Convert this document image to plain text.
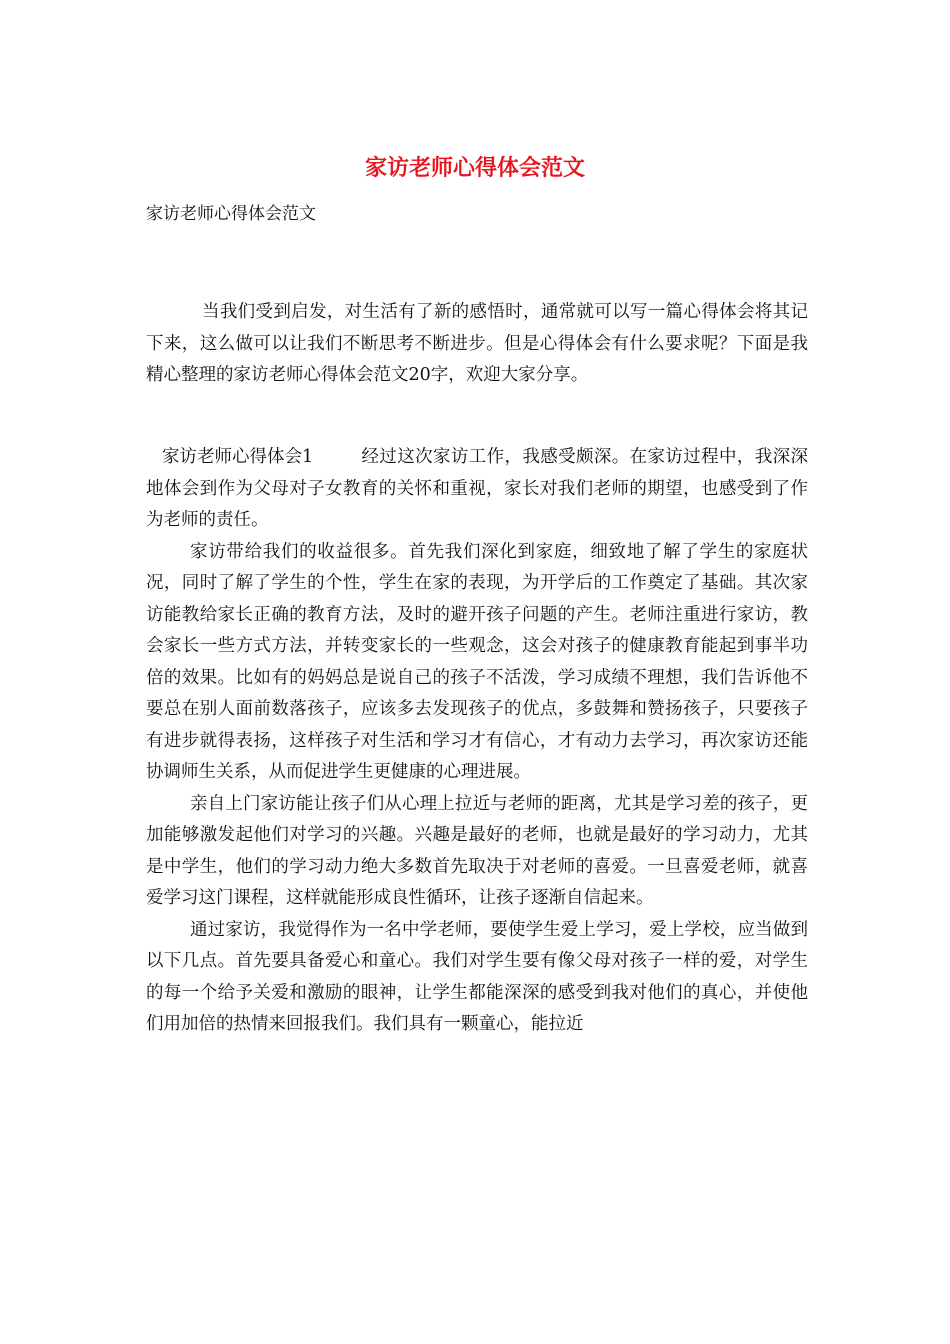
家访老师心得体会范文

家访老师心得体会范文

当我们受到启发，对生活有了新的感悟时，通常就可以写一篇心得体会将其记下来，这么做可以让我们不断思考不断进步。但是心得体会有什么要求呢？下面是我精心整理的家访老师心得体会范文20字，欢迎大家分享。

家访老师心得体会1	经过这次家访工作，我感受颇深。在家访过程中，我深深地体会到作为父母对子女教育的关怀和重视，家长对我们老师的期望，也感受到了作为老师的责任。

家访带给我们的收益很多。首先我们深化到家庭，细致地了解了学生的家庭状况，同时了解了学生的个性，学生在家的表现，为开学后的工作奠定了基础。其次家访能教给家长正确的教育方法，及时的避开孩子问题的产生。老师注重进行家访，教会家长一些方式方法，并转变家长的一些观念，这会对孩子的健康教育能起到事半功倍的效果。比如有的妈妈总是说自己的孩子不活泼，学习成绩不理想，我们告诉他不要总在别人面前数落孩子，应该多去发现孩子的优点，多鼓舞和赞扬孩子，只要孩子有进步就得表扬，这样孩子对生活和学习才有信心，才有动力去学习，再次家访还能协调师生关系，从而促进学生更健康的心理进展。

亲自上门家访能让孩子们从心理上拉近与老师的距离，尤其是学习差的孩子，更加能够激发起他们对学习的兴趣。兴趣是最好的老师，也就是最好的学习动力，尤其是中学生，他们的学习动力绝大多数首先取决于对老师的喜爱。一旦喜爱老师，就喜爱学习这门课程，这样就能形成良性循环，让孩子逐渐自信起来。

通过家访，我觉得作为一名中学老师，要使学生爱上学习，爱上学校，应当做到以下几点。首先要具备爱心和童心。我们对学生要有像父母对孩子一样的爱，对学生的每一个给予关爱和激励的眼神，让学生都能深深的感受到我对他们的真心，并使他们用加倍的热情来回报我们。我们具有一颗童心，能拉近
